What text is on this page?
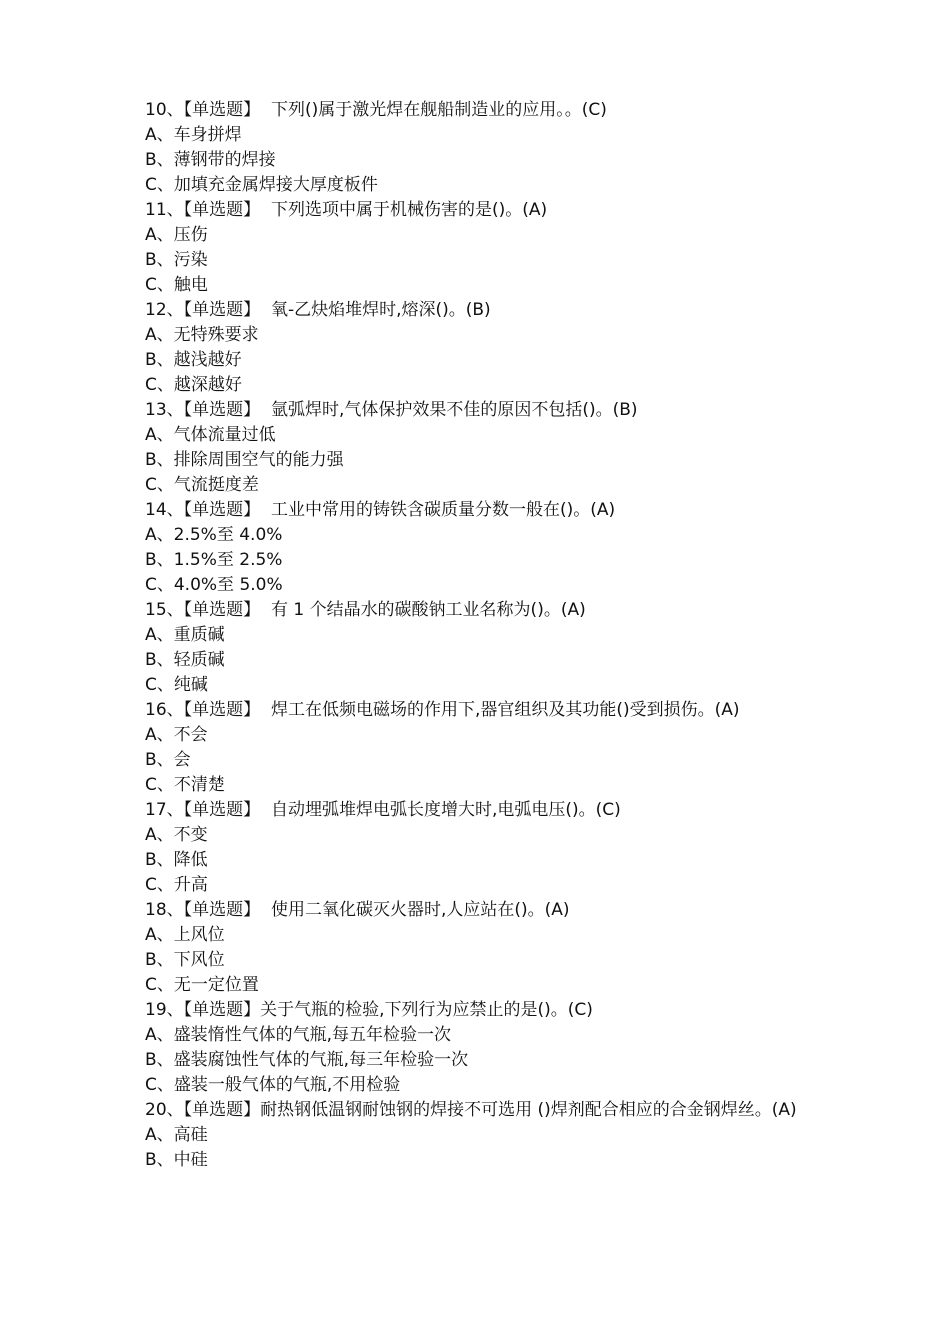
10、【单选题】  下列()属于激光焊在舰船制造业的应用。。(C)

A、车身拼焊

B、薄钢带的焊接

C、加填充金属焊接大厚度板件

11、【单选题】  下列选项中属于机械伤害的是()。(A)

A、压伤

B、污染

C、触电

12、【单选题】  氧-乙炔焰堆焊时,熔深()。(B)

A、无特殊要求

B、越浅越好

C、越深越好

13、【单选题】  氩弧焊时,气体保护效果不佳的原因不包括()。(B)

A、气体流量过低

B、排除周围空气的能力强

C、气流挺度差

14、【单选题】  工业中常用的铸铁含碳质量分数一般在()。(A)

A、2.5%至 4.0%

B、1.5%至 2.5%

C、4.0%至 5.0%

15、【单选题】  有 1 个结晶水的碳酸钠工业名称为()。(A)

A、重质碱

B、轻质碱

C、纯碱

16、【单选题】  焊工在低频电磁场的作用下,器官组织及其功能()受到损伤。(A)

A、不会

B、会

C、不清楚

17、【单选题】  自动埋弧堆焊电弧长度增大时,电弧电压()。(C)

A、不变

B、降低

C、升高

18、【单选题】  使用二氧化碳灭火器时,人应站在()。(A)

A、上风位

B、下风位

C、无一定位置

19、【单选题】关于气瓶的检验,下列行为应禁止的是()。(C)

A、盛装惰性气体的气瓶,每五年检验一次

B、盛装腐蚀性气体的气瓶,每三年检验一次

C、盛装一般气体的气瓶,不用检验

20、【单选题】耐热钢低温钢耐蚀钢的焊接不可选用 ()焊剂配合相应的合金钢焊丝。(A)

A、高硅

B、中硅
